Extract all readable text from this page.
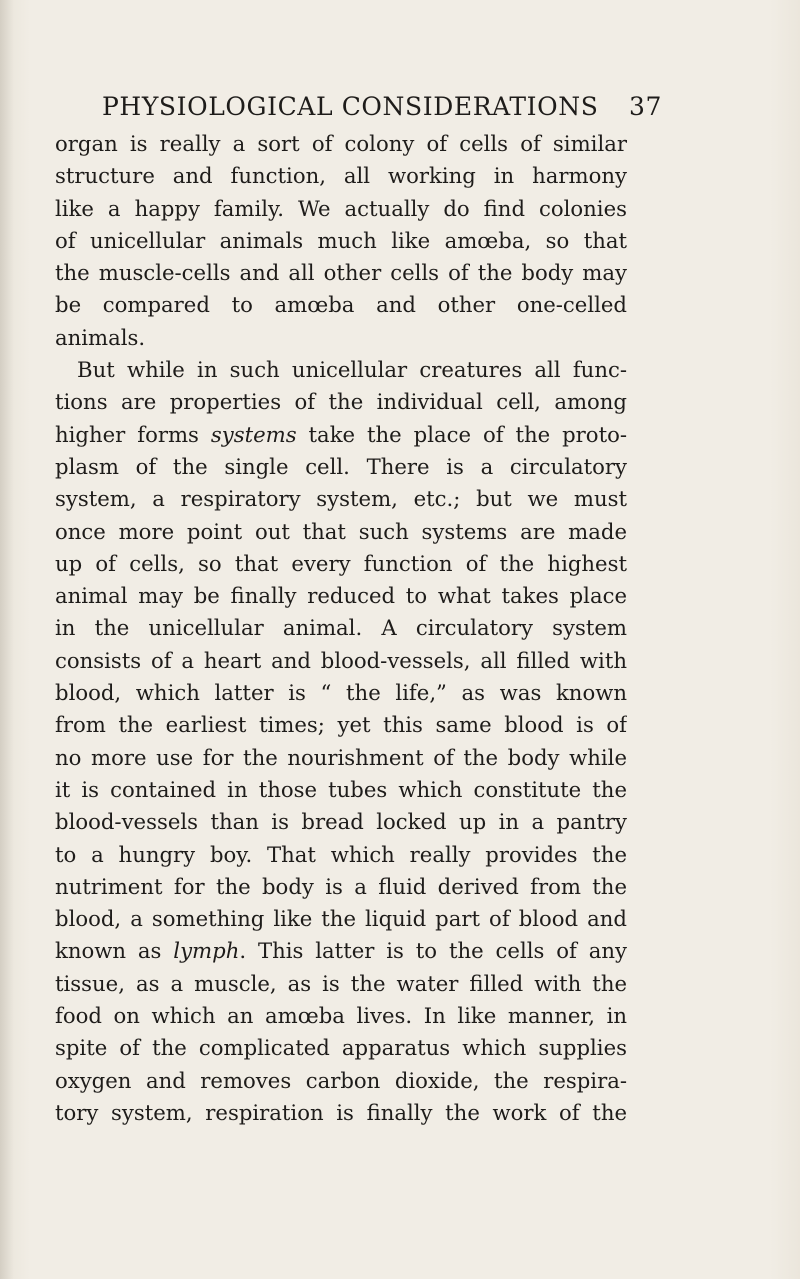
PHYSIOLOGICAL CONSIDERATIONS 37
organ is really a sort of colony of cells of similar
structure and function, all working in harmony
like a happy family. We actually do find colonies
of unicellular animals much like amœba, so that
the muscle-cells and all other cells of the body may
be compared to amœba and other one-celled
animals.
But while in such unicellular creatures all func-
tions are properties of the individual cell, among
higher forms systems take the place of the proto-
plasm of the single cell. There is a circulatory
system, a respiratory system, etc.; but we must
once more point out that such systems are made
up of cells, so that every function of the highest
animal may be finally reduced to what takes place
in the unicellular animal. A circulatory system
consists of a heart and blood-vessels, all filled with
blood, which latter is “ the life,” as was known
from the earliest times; yet this same blood is of
no more use for the nourishment of the body while
it is contained in those tubes which constitute the
blood-vessels than is bread locked up in a pantry
to a hungry boy. That which really provides the
nutriment for the body is a fluid derived from the
blood, a something like the liquid part of blood and
known as lymph. This latter is to the cells of any
tissue, as a muscle, as is the water filled with the
food on which an amœba lives. In like manner, in
spite of the complicated apparatus which supplies
oxygen and removes carbon dioxide, the respira-
tory system, respiration is finally the work of the
